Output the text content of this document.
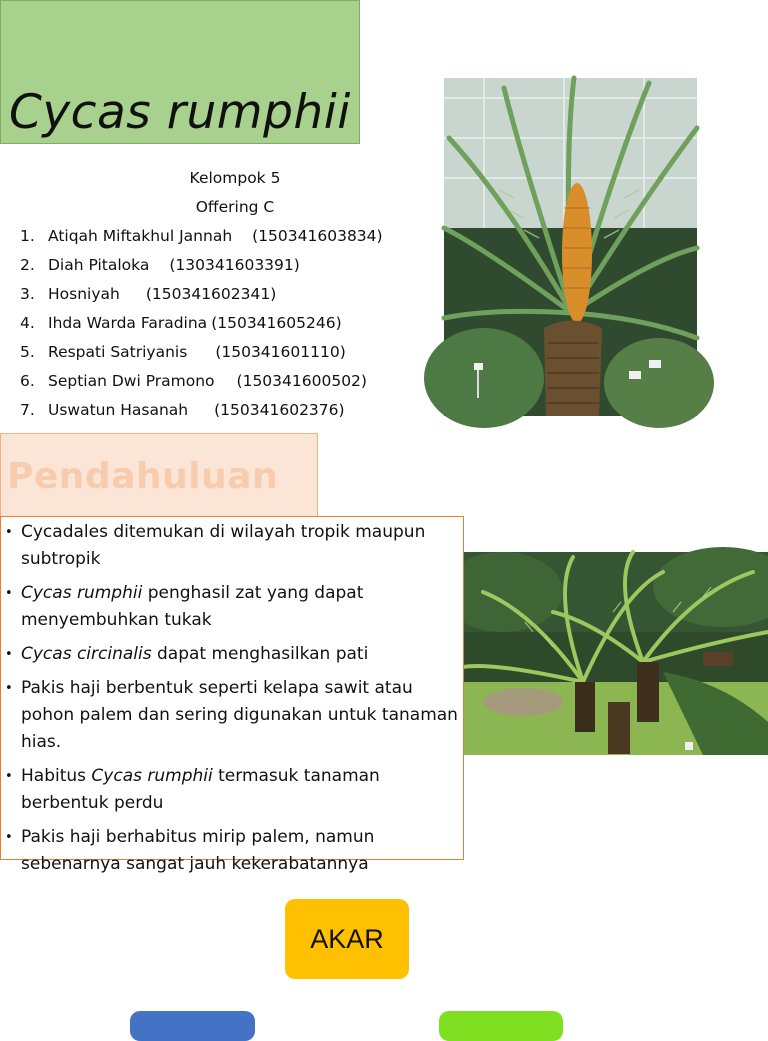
Cycas rumphii
Kelompok 5
Offering C
1. Atiqah Miftakhul Jannah (150341603834)
2. Diah Pitaloka (130341603391)
3. Hosniyah (150341602341)
4. Ihda Warda Faradina (150341605246)
5. Respati Satriyanis (150341601110)
6. Septian Dwi Pramono (150341600502)
7. Uswatun Hasanah (150341602376)
Pendahuluan
• Cycadales ditemukan di wilayah tropik maupun subtropik
• Cycas rumphii penghasil zat yang dapat menyembuhkan tukak
• Cycas circinalis dapat menghasilkan pati
• Pakis haji berbentuk seperti kelapa sawit atau pohon palem dan sering digunakan untuk tanaman hias.
• Habitus Cycas rumphii termasuk tanaman berbentuk perdu
• Pakis haji berhabitus mirip palem, namun sebenarnya sangat jauh kekerabatannya
AKAR
